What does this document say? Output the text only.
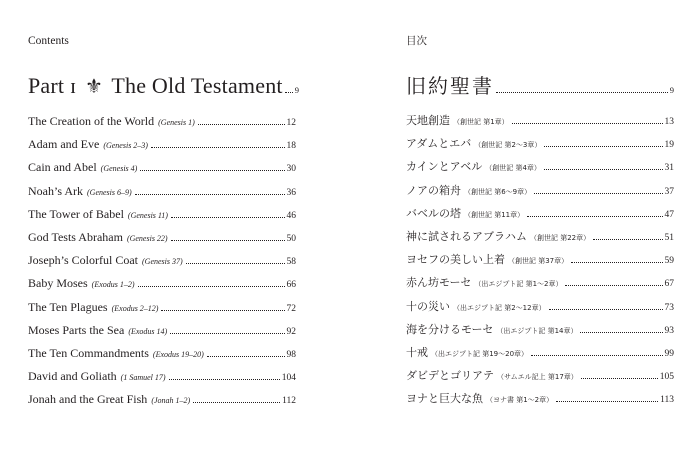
Contents
Part ɪ ⚜ The Old Testament 9
The Creation of the World (Genesis 1)	12
Adam and Eve (Genesis 2–3)	18
Cain and Abel (Genesis 4)	30
Noah’s Ark (Genesis 6–9)	36
The Tower of Babel (Genesis 11)	46
God Tests Abraham (Genesis 22)	50
Joseph’s Colorful Coat (Genesis 37)	58
Baby Moses (Exodus 1–2)	66
The Ten Plagues (Exodus 2–12)	72
Moses Parts the Sea (Exodus 14)	92
The Ten Commandments (Exodus 19–20)	98
David and Goliath (1 Samuel 17)	104
Jonah and the Great Fish (Jonah 1–2)	112
目次
旧約聖書	9
天地創造 （創世記 第1章）	13
アダムとエバ （創世記 第2～3章）	19
カインとアベル （創世記 第4章）	31
ノアの箱舟 （創世記 第6～9章）	37
バベルの塔 （創世記 第11章）	47
神に試されるアブラハム （創世記 第22章）	51
ヨセフの美しい上着 （創世記 第37章）	59
赤ん坊モーセ （出エジプト記 第1～2章）	67
十の災い （出エジプト記 第2～12章）	73
海を分けるモーセ （出エジプト記 第14章）	93
十戒 （出エジプト記 第19～20章）	99
ダビデとゴリアテ （サムエル記上 第17章）	105
ヨナと巨大な魚 （ヨナ書 第1～2章）	113
